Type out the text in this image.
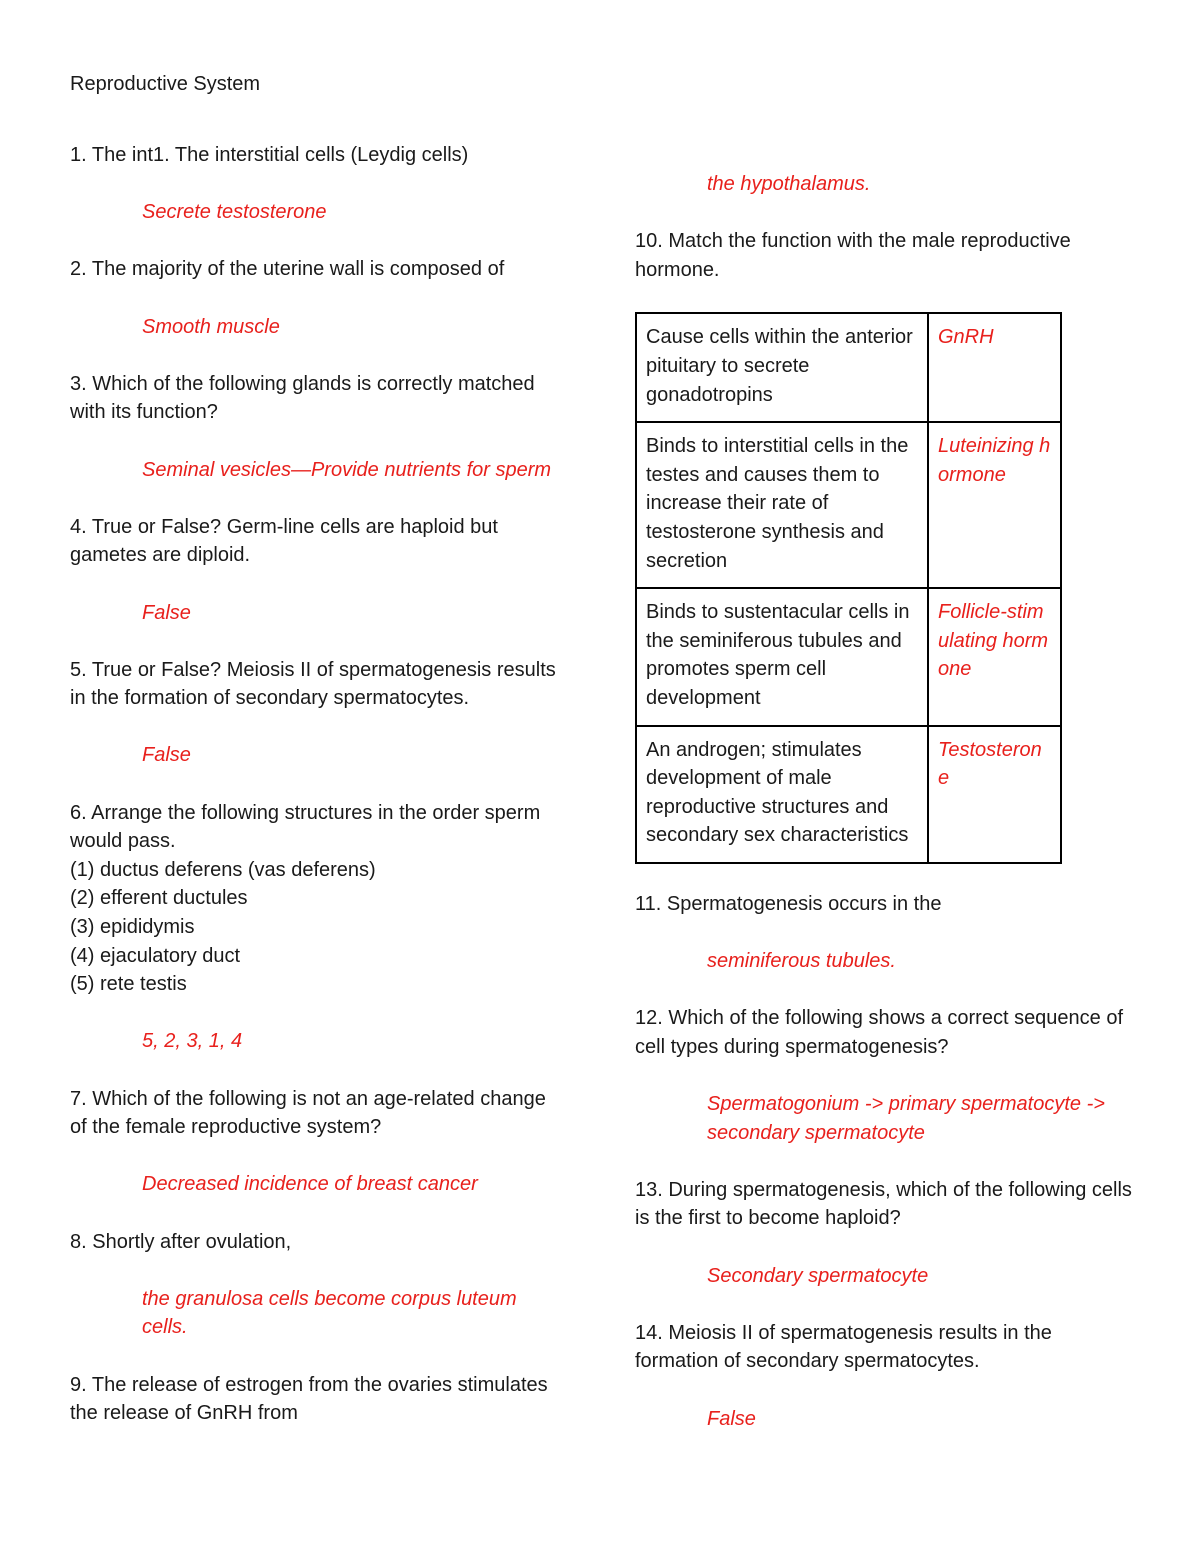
Reproductive System

1. The int1. The interstitial cells (Leydig cells)

Secrete testosterone

2. The majority of the uterine wall is composed of

Smooth muscle

3. Which of the following glands is correctly matched with its function?

Seminal vesicles—Provide nutrients for sperm

4. True or False? Germ-line cells are haploid but gametes are diploid.

False

5. True or False? Meiosis II of spermatogenesis results in the formation of secondary spermatocytes.

False

6. Arrange the following structures in the order sperm would pass.

(1) ductus deferens (vas deferens)

(2) efferent ductules

(3) epididymis

(4) ejaculatory duct

(5) rete testis

5, 2, 3, 1, 4

7. Which of the following is not an age-related change of the female reproductive system?

Decreased incidence of breast cancer

8. Shortly after ovulation,

the granulosa cells become corpus luteum cells.

9. The release of estrogen from the ovaries stimulates the release of GnRH from

the hypothalamus.

10. Match the function with the male reproductive hormone.

Cause cells within the anterior pituitary to secrete gonadotropins	GnRH
Binds to interstitial cells in the testes and causes them to increase their rate of testosterone synthesis and secretion	Luteinizing hormone
Binds to sustentacular cells in the seminiferous tubules and promotes sperm cell development	Follicle-stimulating hormone
An androgen; stimulates development of male reproductive structures and secondary sex characteristics	Testosterone

11. Spermatogenesis occurs in the

seminiferous tubules.

12. Which of the following shows a correct sequence of cell types during spermatogenesis?

Spermatogonium -> primary spermatocyte -> secondary spermatocyte

13. During spermatogenesis, which of the following cells is the first to become haploid?

Secondary spermatocyte

14. Meiosis II of spermatogenesis results in the formation of secondary spermatocytes.

False
